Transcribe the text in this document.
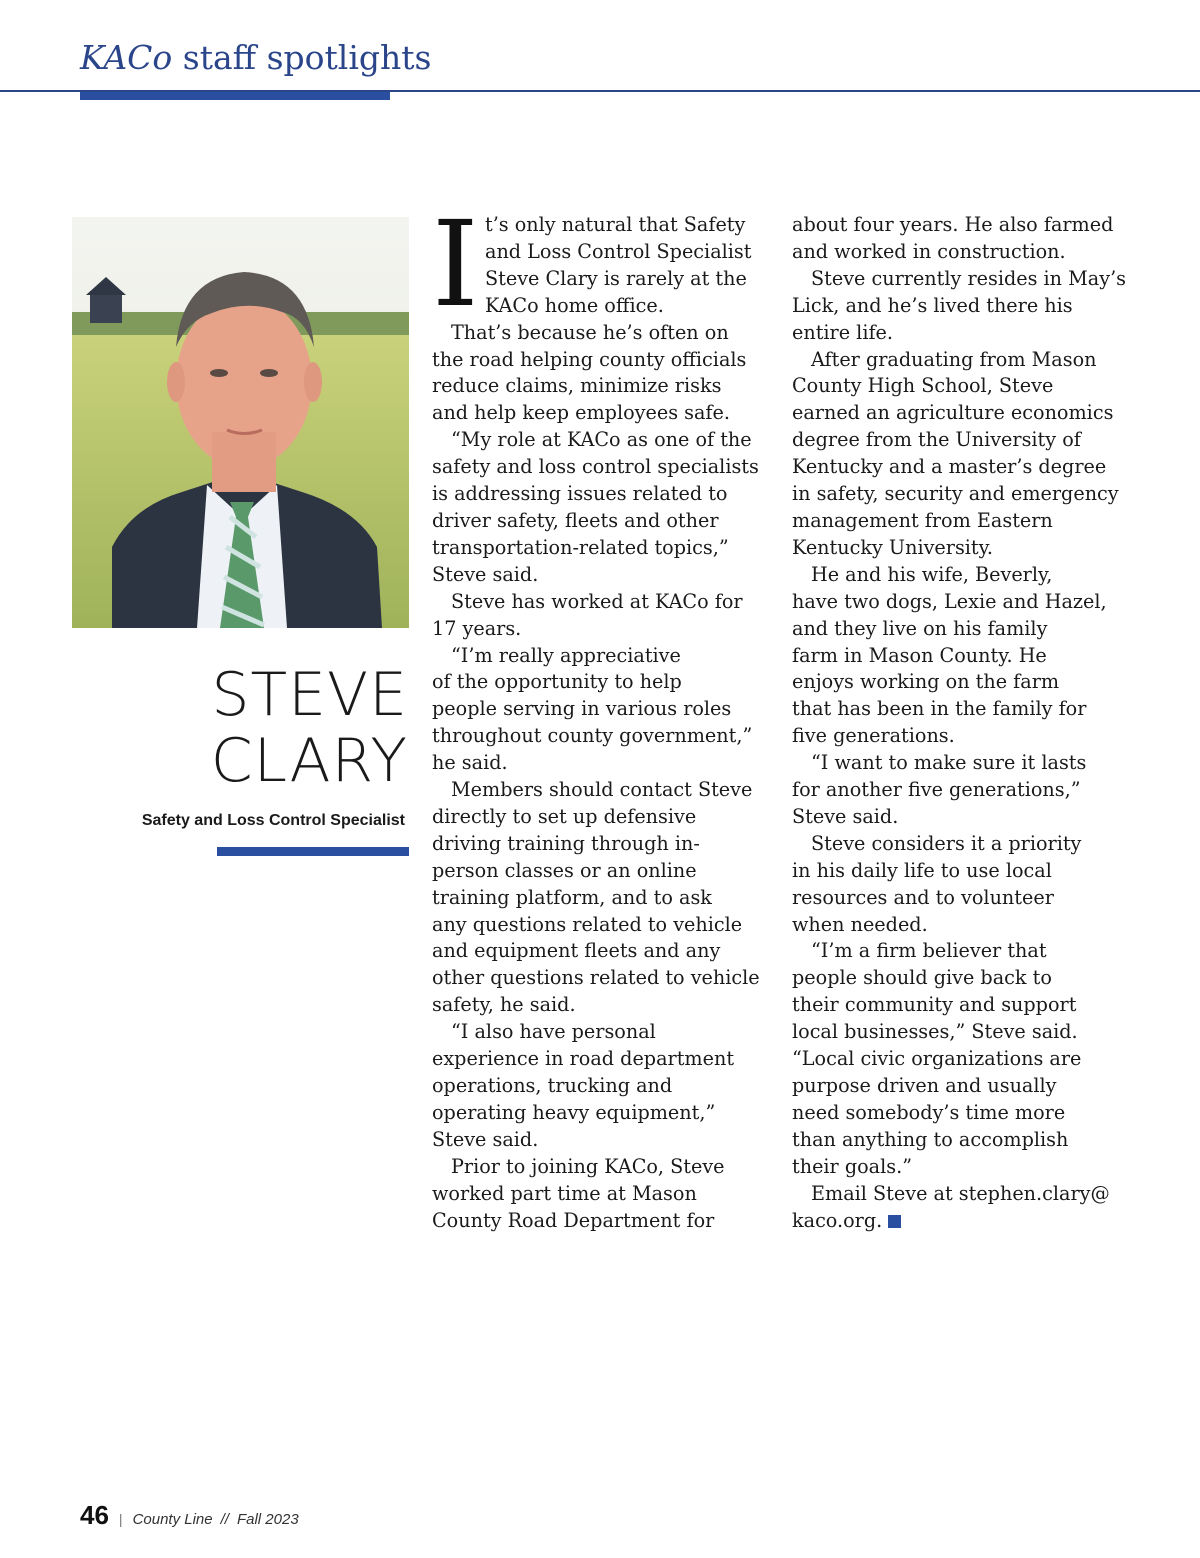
KACo staff spotlights
STEVE
CLARY
Safety and Loss Control Specialist
I t’s only natural that Safety
and Loss Control Specialist
Steve Clary is rarely at the
KACo home office.
That’s because he’s often on
the road helping county officials
reduce claims, minimize risks
and help keep employees safe.
“My role at KACo as one of the
safety and loss control specialists
is addressing issues related to
driver safety, fleets and other
transportation-related topics,”
Steve said.
Steve has worked at KACo for
17 years.
“I’m really appreciative
of the opportunity to help
people serving in various roles
throughout county government,”
he said.
Members should contact Steve
directly to set up defensive
driving training through in-
person classes or an online
training platform, and to ask
any questions related to vehicle
and equipment fleets and any
other questions related to vehicle
safety, he said.
“I also have personal
experience in road department
operations, trucking and
operating heavy equipment,”
Steve said.
Prior to joining KACo, Steve
worked part time at Mason
County Road Department for
about four years. He also farmed
and worked in construction.
Steve currently resides in May’s
Lick, and he’s lived there his
entire life.
After graduating from Mason
County High School, Steve
earned an agriculture economics
degree from the University of
Kentucky and a master’s degree
in safety, security and emergency
management from Eastern
Kentucky University.
He and his wife, Beverly,
have two dogs, Lexie and Hazel,
and they live on his family
farm in Mason County. He
enjoys working on the farm
that has been in the family for
five generations.
“I want to make sure it lasts
for another five generations,”
Steve said.
Steve considers it a priority
in his daily life to use local
resources and to volunteer
when needed.
“I’m a firm believer that
people should give back to
their community and support
local businesses,” Steve said.
“Local civic organizations are
purpose driven and usually
need somebody’s time more
than anything to accomplish
their goals.”
Email Steve at stephen.clary@
kaco.org.
46 | County Line // Fall 2023
